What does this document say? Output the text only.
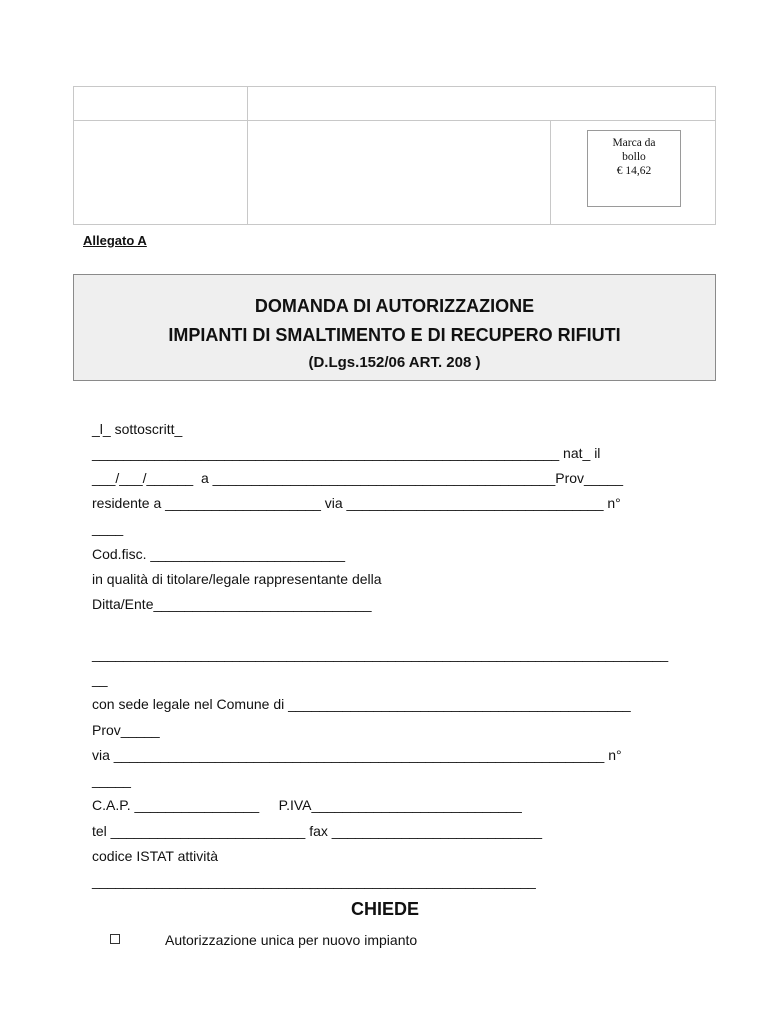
Marca da
bollo
€ 14,62
Allegato A
DOMANDA DI AUTORIZZAZIONE
IMPIANTI DI SMALTIMENTO E DI RECUPERO RIFIUTI
(D.Lgs.152/06 ART. 208 )
_l_ sottoscritt_
____________________________________________________________ nat_ il
___/___/______  a ____________________________________________Prov_____
residente a ____________________ via _________________________________ n°
____
Cod.fisc. _________________________
in qualità di titolare/legale rappresentante della
Ditta/Ente____________________________
__________________________________________________________________________
__
con sede legale nel Comune di ____________________________________________
Prov_____
via _______________________________________________________________ n°
_____
C.A.P. ________________     P.IVA___________________________
tel _________________________ fax ___________________________
codice ISTAT attività
_________________________________________________________
CHIEDE
Autorizzazione unica per nuovo impianto
